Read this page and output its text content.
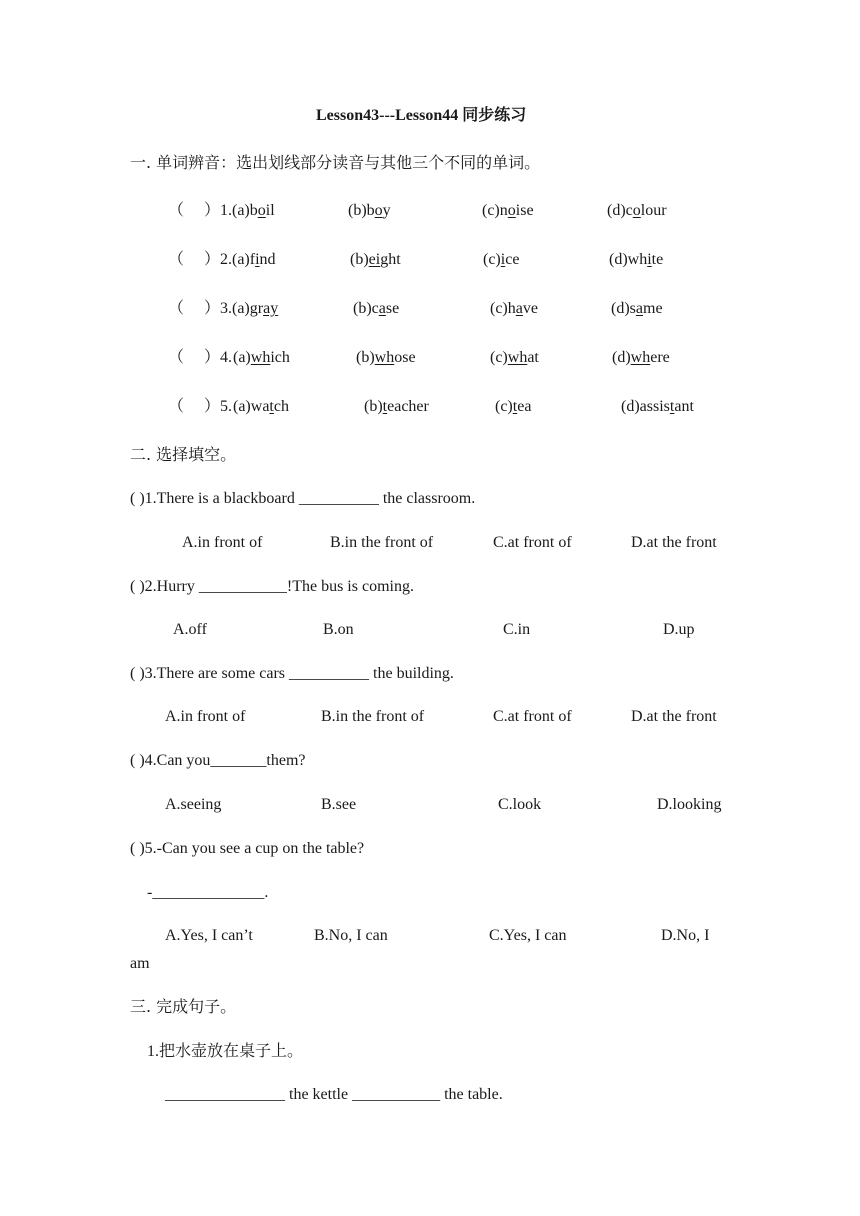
Lesson43---Lesson44 同步练习
一. 单词辨音：选出划线部分读音与其他三个不同的单词。
（　 ）1. (a)boil	(b)boy	(c)noise	(d)colour
（　 ）2. (a)find	(b)eight	(c)ice	(d)white
（　 ）3. (a)gray	(b)case	(c)have	(d)same
（　 ）4. (a)which	(b)whose	(c)what	(d)where
（　 ）5. (a)watch	(b)teacher	(c)tea	(d)assistant
二. 选择填空。
( )1.There is a blackboard __________ the classroom.
A.in front of	B.in the front of	C.at front of	D.at the front
( )2.Hurry ___________!The bus is coming.
A.off	B.on	C.in	D.up
( )3.There are some cars __________ the building.
A.in front of	B.in the front of	C.at front of	D.at the front
( )4.Can you_______them?
A.seeing	B.see	C.look	D.looking
( )5.-Can you see a cup on the table?
-______________.
A.Yes, I can’t	B.No, I can	C.Yes, I can	D.No, I
am
三. 完成句子。
1.把水壶放在桌子上。
_______________ the kettle ___________ the table.
